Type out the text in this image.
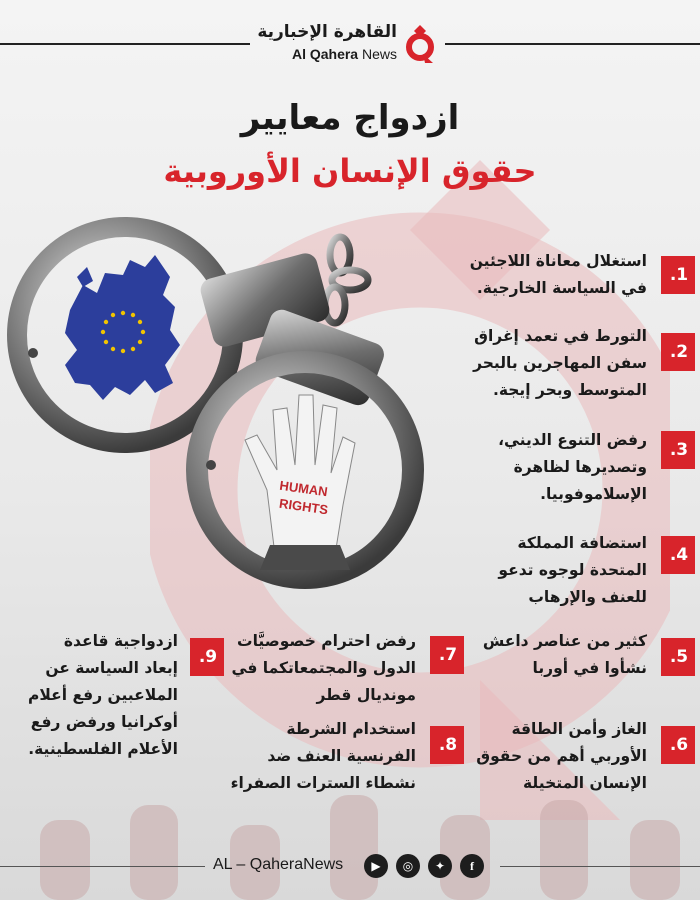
القاهرة الإخبارية
Al Qahera News
ازدواج معايير
حقوق الإنسان الأوروبية
HUMAN
RIGHTS
.1
استغلال معاناة اللاجئين
في السياسة الخارجية.
.2
التورط في تعمد إغراق
سفن المهاجرين بالبحر
المتوسط وبحر إيجة.
.3
رفض التنوع الديني،
وتصديرها لظاهرة
الإسلاموفوبيا.
.4
استضافة المملكة
المتحدة لوجوه تدعو
للعنف والإرهاب
.5
كثير من عناصر داعش
نشأوا في أوربا
.6
الغاز وأمن الطاقة
الأوربي أهم من حقوق
الإنسان المتخيلة
.7
رفض احترام خصوصيَّات
الدول والمجتمعاتكما في
مونديال قطر
.8
استخدام الشرطة
الفرنسية العنف ضد
نشطاء السترات الصفراء
.9
ازدواجية قاعدة
إبعاد السياسة عن
الملاعبين رفع أعلام
أوكرانيا ورفض رفع
الأعلام الفلسطينية.
AL – QaheraNews	▶	◎	✦	f
